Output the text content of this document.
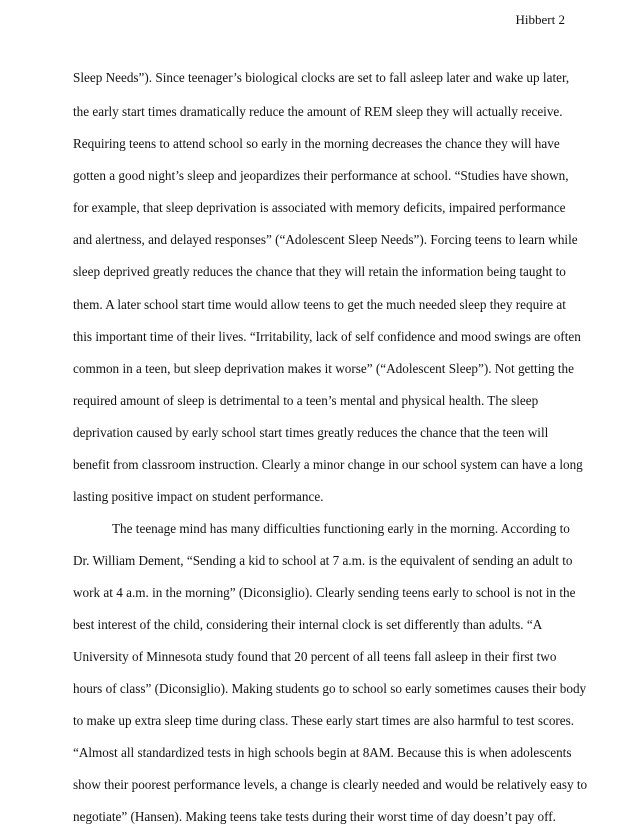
Hibbert 2
Sleep Needs”). Since teenager’s biological clocks are set to fall asleep later and wake up later,
the early start times dramatically reduce the amount of REM sleep they will actually receive.
Requiring teens to attend school so early in the morning decreases the chance they will have
gotten a good night’s sleep and jeopardizes their performance at school. “Studies have shown,
for example, that sleep deprivation is associated with memory deficits, impaired performance
and alertness, and delayed responses” (“Adolescent Sleep Needs”). Forcing teens to learn while
sleep deprived greatly reduces the chance that they will retain the information being taught to
them. A later school start time would allow teens to get the much needed sleep they require at
this important time of their lives. “Irritability, lack of self confidence and mood swings are often
common in a teen, but sleep deprivation makes it worse” (“Adolescent Sleep”). Not getting the
required amount of sleep is detrimental to a teen’s mental and physical health. The sleep
deprivation caused by early school start times greatly reduces the chance that the teen will
benefit from classroom instruction. Clearly a minor change in our school system can have a long
lasting positive impact on student performance.
The teenage mind has many difficulties functioning early in the morning. According to
Dr. William Dement, “Sending a kid to school at 7 a.m. is the equivalent of sending an adult to
work at 4 a.m. in the morning” (Diconsiglio). Clearly sending teens early to school is not in the
best interest of the child, considering their internal clock is set differently than adults. “A
University of Minnesota study found that 20 percent of all teens fall asleep in their first two
hours of class” (Diconsiglio). Making students go to school so early sometimes causes their body
to make up extra sleep time during class. These early start times are also harmful to test scores.
“Almost all standardized tests in high schools begin at 8AM. Because this is when adolescents
show their poorest performance levels, a change is clearly needed and would be relatively easy to
negotiate” (Hansen). Making teens take tests during their worst time of day doesn’t pay off.
